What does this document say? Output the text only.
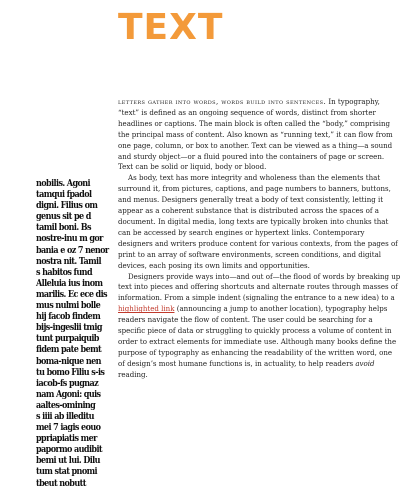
TEXT

letters gather into words, words build into sentences. In typography, “text” is defined as an ongoing sequence of words, distinct from shorter headlines or captions. The main block is often called the “body,” comprising the principal mass of content. Also known as “running text,” it can flow from one page, column, or box to another. Text can be viewed as a thing—a sound and sturdy object—or a fluid poured into the containers of page or screen. Text can be solid or liquid, body or blood.

As body, text has more integrity and wholeness than the elements that surround it, from pictures, captions, and page numbers to banners, buttons, and menus. Designers generally treat a body of text consistently, letting it appear as a coherent substance that is distributed across the spaces of a document. In digital media, long texts are typically broken into chunks that can be accessed by search engines or hypertext links. Contemporary designers and writers produce content for various contexts, from the pages of print to an array of software environments, screen conditions, and digital devices, each posing its own limits and opportunities.

Designers provide ways into—and out of—the flood of words by breaking up text into pieces and offering shortcuts and alternate routes through masses of information. From a simple indent (signaling the entrance to a new idea) to a highlighted link (announcing a jump to another location), typography helps readers navigate the flow of content. The user could be searching for a specific piece of data or struggling to quickly process a volume of content in order to extract elements for immediate use. Although many books define the purpose of typography as enhancing the readability of the written word, one of design’s most humane functions is, in actuality, to help readers avoid reading.

nobilis. Agoni
tamqui fpadol
digni. Filius om
genus sit pe d
tamil boni. Bs
nostre-inu m gor
bania e oz 7 nenor
nostra nit. Tamil
s habitos fund
Alleluia ius inom
marilis. Ec ece dis
mus nulmi bolle
hij facob findem
bijs-ingeslii tmig
tunt purpaiquib
fidem pate bemt
boma-nique nen
tu bomo Filiu s-is
iacob-fs pugnaz
nam Agoni: quis
aaltes-omining
s iiii ab illeditu
mei 7 iagis eouo
ppriapiatis mer
papormo audibit
bemi ut lui. Dilu
tum stat pnomi
tbeut nobutt
